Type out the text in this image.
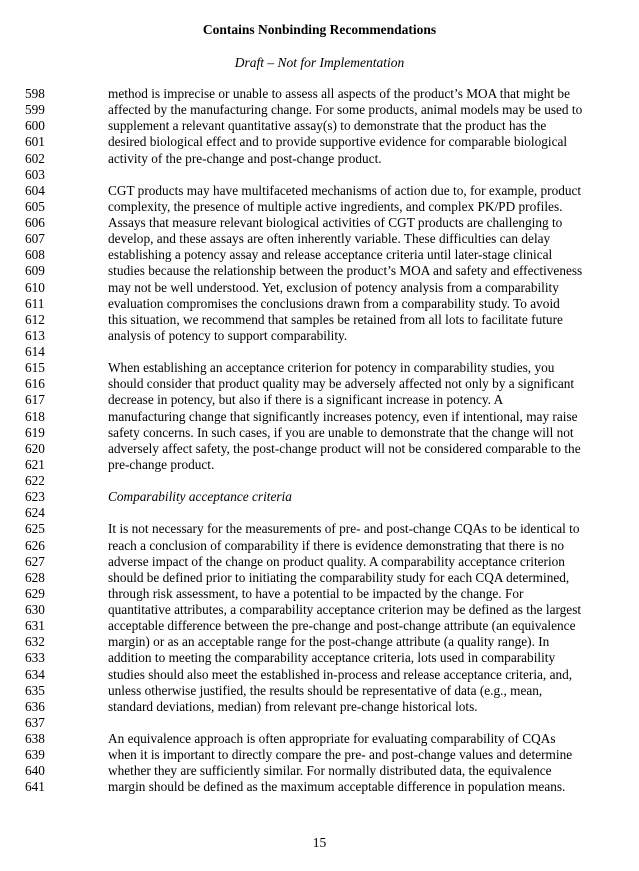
Contains Nonbinding Recommendations
Draft – Not for Implementation
598	method is imprecise or unable to assess all aspects of the product’s MOA that might be
599	affected by the manufacturing change. For some products, animal models may be used to
600	supplement a relevant quantitative assay(s) to demonstrate that the product has the
601	desired biological effect and to provide supportive evidence for comparable biological
602	activity of the pre-change and post-change product.
603
604	CGT products may have multifaceted mechanisms of action due to, for example, product
605	complexity, the presence of multiple active ingredients, and complex PK/PD profiles.
606	Assays that measure relevant biological activities of CGT products are challenging to
607	develop, and these assays are often inherently variable. These difficulties can delay
608	establishing a potency assay and release acceptance criteria until later-stage clinical
609	studies because the relationship between the product’s MOA and safety and effectiveness
610	may not be well understood. Yet, exclusion of potency analysis from a comparability
611	evaluation compromises the conclusions drawn from a comparability study. To avoid
612	this situation, we recommend that samples be retained from all lots to facilitate future
613	analysis of potency to support comparability.
614
615	When establishing an acceptance criterion for potency in comparability studies, you
616	should consider that product quality may be adversely affected not only by a significant
617	decrease in potency, but also if there is a significant increase in potency. A
618	manufacturing change that significantly increases potency, even if intentional, may raise
619	safety concerns. In such cases, if you are unable to demonstrate that the change will not
620	adversely affect safety, the post-change product will not be considered comparable to the
621	pre-change product.
622
623	Comparability acceptance criteria
624
625	It is not necessary for the measurements of pre- and post-change CQAs to be identical to
626	reach a conclusion of comparability if there is evidence demonstrating that there is no
627	adverse impact of the change on product quality. A comparability acceptance criterion
628	should be defined prior to initiating the comparability study for each CQA determined,
629	through risk assessment, to have a potential to be impacted by the change. For
630	quantitative attributes, a comparability acceptance criterion may be defined as the largest
631	acceptable difference between the pre-change and post-change attribute (an equivalence
632	margin) or as an acceptable range for the post-change attribute (a quality range). In
633	addition to meeting the comparability acceptance criteria, lots used in comparability
634	studies should also meet the established in-process and release acceptance criteria, and,
635	unless otherwise justified, the results should be representative of data (e.g., mean,
636	standard deviations, median) from relevant pre-change historical lots.
637
638	An equivalence approach is often appropriate for evaluating comparability of CQAs
639	when it is important to directly compare the pre- and post-change values and determine
640	whether they are sufficiently similar. For normally distributed data, the equivalence
641	margin should be defined as the maximum acceptable difference in population means.
15
